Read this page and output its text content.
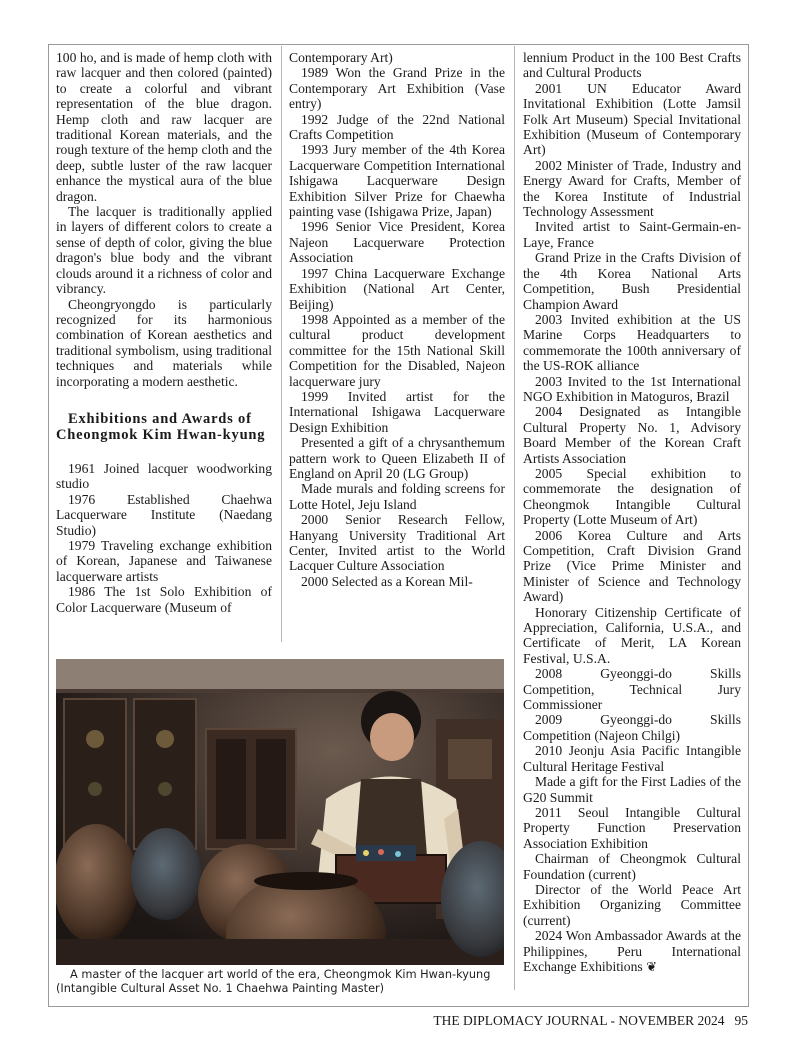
100 ho, and is made of hemp cloth with raw lacquer and then colored (painted) to create a colorful and vibrant representation of the blue dragon. Hemp cloth and raw lacquer are traditional Korean materials, and the rough texture of the hemp cloth and the deep, subtle luster of the raw lacquer enhance the mystical aura of the blue dragon.

The lacquer is traditionally applied in layers of different colors to create a sense of depth of color, giving the blue dragon's blue body and the vibrant clouds around it a richness of color and vibrancy.

Cheongryongdo is particularly recognized for its harmonious combination of Korean aesthetics and traditional symbolism, using traditional techniques and materials while incorporating a modern aesthetic.

Exhibitions and Awards of Cheongmok Kim Hwan-kyung

1961 Joined lacquer woodworking studio

1976 Established Chaehwa Lacquerware Institute (Naedang Studio)

1979 Traveling exchange exhibition of Korean, Japanese and Taiwanese lacquerware artists

1986 The 1st Solo Exhibition of Color Lacquerware (Museum of

Contemporary Art)

1989 Won the Grand Prize in the Contemporary Art Exhibition (Vase entry)

1992 Judge of the 22nd National Crafts Competition

1993 Jury member of the 4th Korea Lacquerware Competition International Ishigawa Lacquerware Design Exhibition Silver Prize for Chaewha painting vase (Ishigawa Prize, Japan)

1996 Senior Vice President, Korea Najeon Lacquerware Protection Association

1997 China Lacquerware Exchange Exhibition (National Art Center, Beijing)

1998 Appointed as a member of the cultural product development committee for the 15th National Skill Competition for the Disabled, Najeon lacquerware jury

1999 Invited artist for the International Ishigawa Lacquerware Design Exhibition

Presented a gift of a chrysanthemum pattern work to Queen Elizabeth II of England on April 20 (LG Group)

Made murals and folding screens for Lotte Hotel, Jeju Island

2000 Senior Research Fellow, Hanyang University Traditional Art Center, Invited artist to the World Lacquer Culture Association

2000 Selected as a Korean Mil-

lennium Product in the 100 Best Crafts and Cultural Products

2001 UN Educator Award Invitational Exhibition (Lotte Jamsil Folk Art Museum) Special Invitational Exhibition (Museum of Contemporary Art)

2002 Minister of Trade, Industry and Energy Award for Crafts, Member of the Korea Institute of Industrial Technology Assessment

Invited artist to Saint-Germain-en-Laye, France

Grand Prize in the Crafts Division of the 4th Korea National Arts Competition, Bush Presidential Champion Award

2003 Invited exhibition at the US Marine Corps Headquarters to commemorate the 100th anniversary of the US-ROK alliance

2003 Invited to the 1st International NGO Exhibition in Matoguros, Brazil

2004 Designated as Intangible Cultural Property No. 1, Advisory Board Member of the Korean Craft Artists Association

2005 Special exhibition to commemorate the designation of Cheongmok Intangible Cultural Property (Lotte Museum of Art)

2006 Korea Culture and Arts Competition, Craft Division Grand Prize (Vice Prime Minister and Minister of Science and Technology Award)

Honorary Citizenship Certificate of Appreciation, California, U.S.A., and Certificate of Merit, LA Korean Festival, U.S.A.

2008 Gyeonggi-do Skills Competition, Technical Jury Commissioner

2009 Gyeonggi-do Skills Competition (Najeon Chilgi)

2010 Jeonju Asia Pacific Intangible Cultural Heritage Festival

Made a gift for the First Ladies of the G20 Summit

2011 Seoul Intangible Cultural Property Function Preservation Association Exhibition

Chairman of Cheongmok Cultural Foundation (current)

Director of the World Peace Art Exhibition Organizing Committee (current)

2024 Won Ambassador Awards at the Philippines, Peru International Exchange Exhibitions ❦

A master of the lacquer art world of the era, Cheongmok Kim Hwan-kyung (Intangible Cultural Asset No. 1 Chaehwa Painting Master)

THE DIPLOMACY JOURNAL - NOVEMBER 2024 95
